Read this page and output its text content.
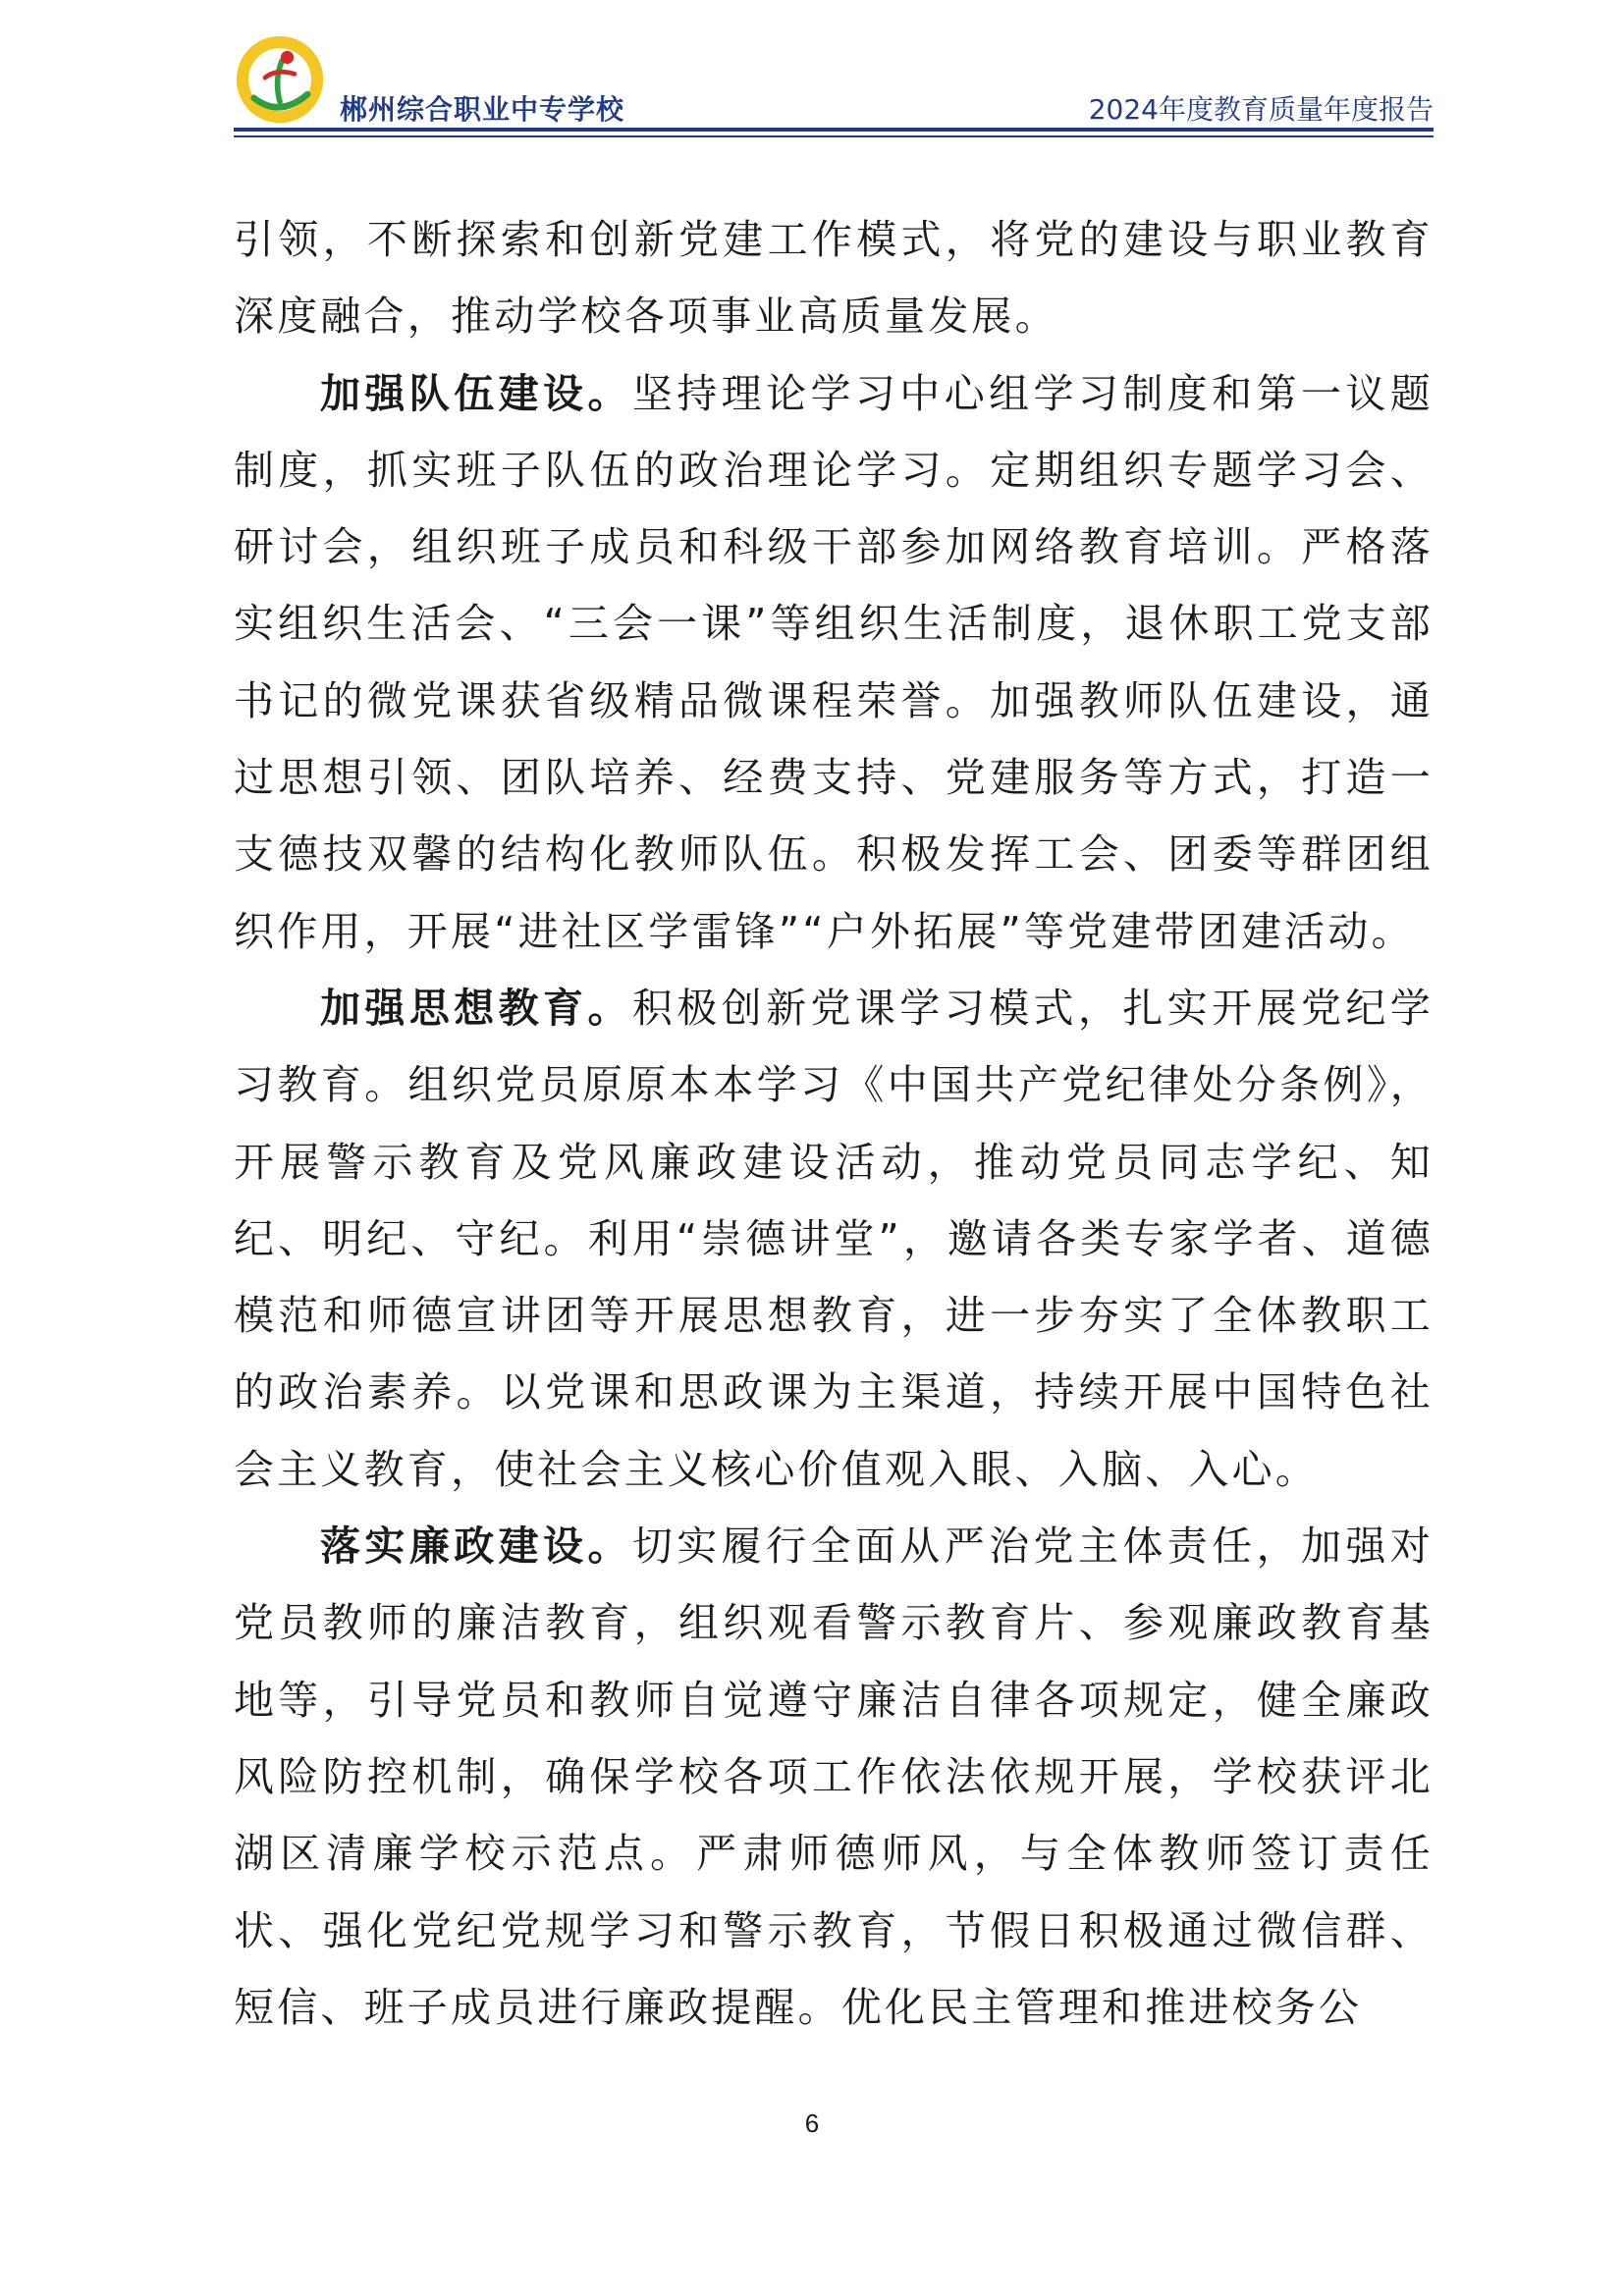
郴州综合职业中专学校	2024年度教育质量年度报告

引领，不断探索和创新党建工作模式，将党的建设与职业教育深度融合，推动学校各项事业高质量发展。

加强队伍建设。坚持理论学习中心组学习制度和第一议题制度，抓实班子队伍的政治理论学习。定期组织专题学习会、研讨会，组织班子成员和科级干部参加网络教育培训。严格落实组织生活会、“三会一课”等组织生活制度，退休职工党支部书记的微党课获省级精品微课程荣誉。加强教师队伍建设，通过思想引领、团队培养、经费支持、党建服务等方式，打造一支德技双馨的结构化教师队伍。积极发挥工会、团委等群团组织作用，开展“进社区学雷锋”“户外拓展”等党建带团建活动。

加强思想教育。积极创新党课学习模式，扎实开展党纪学习教育。组织党员原原本本学习《中国共产党纪律处分条例》，开展警示教育及党风廉政建设活动，推动党员同志学纪、知纪、明纪、守纪。利用“崇德讲堂”，邀请各类专家学者、道德模范和师德宣讲团等开展思想教育，进一步夯实了全体教职工的政治素养。以党课和思政课为主渠道，持续开展中国特色社会主义教育，使社会主义核心价值观入眼、入脑、入心。

落实廉政建设。切实履行全面从严治党主体责任，加强对党员教师的廉洁教育，组织观看警示教育片、参观廉政教育基地等，引导党员和教师自觉遵守廉洁自律各项规定，健全廉政风险防控机制，确保学校各项工作依法依规开展，学校获评北湖区清廉学校示范点。严肃师德师风，与全体教师签订责任状、强化党纪党规学习和警示教育，节假日积极通过微信群、短信、班子成员进行廉政提醒。优化民主管理和推进校务公

6
